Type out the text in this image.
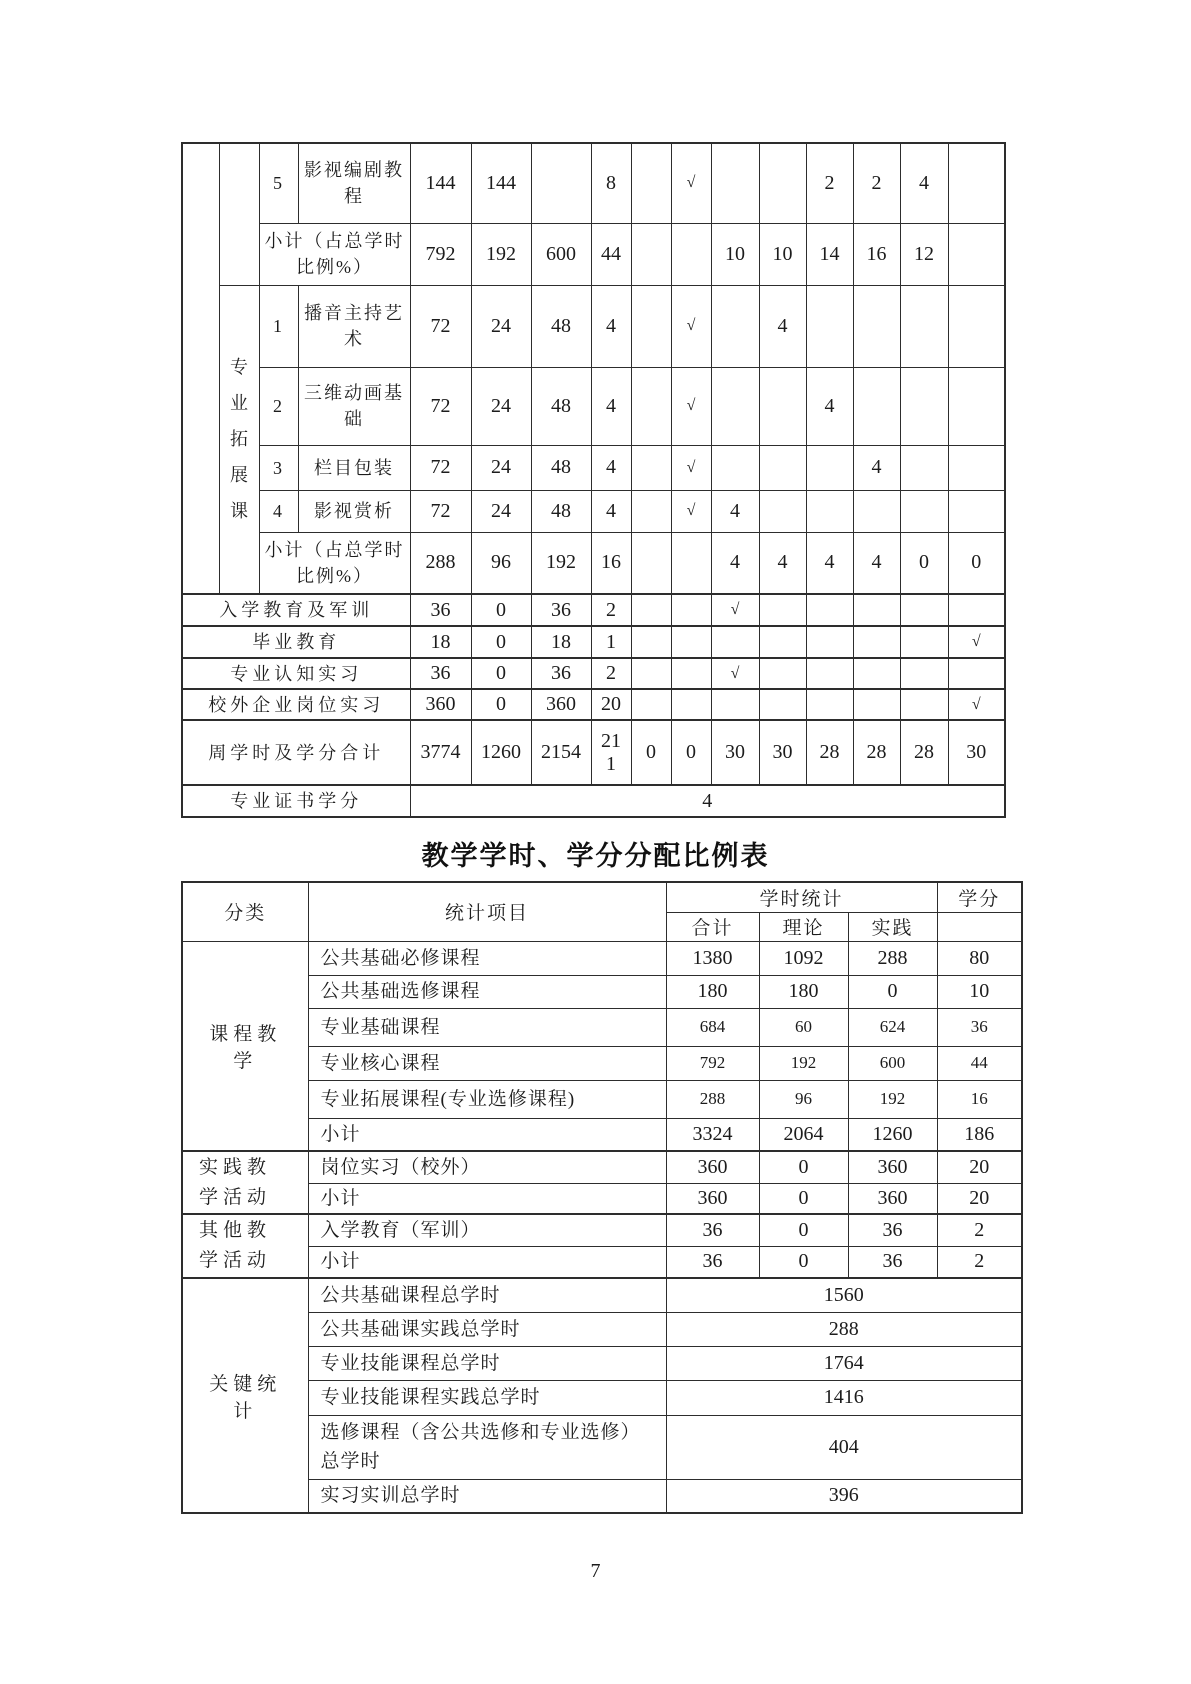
		5	影视编剧教程	144	144		8		√			2	2	4	
		小计（占总学时比例%）		792	192	600	44			10	10	14	16	12	

	专业拓展课	1	播音主持艺术	72	24	48	4		√		4				
		2	三维动画基础	72	24	48	4		√			4			
		3	栏目包装	72	24	48	4		√				4		
		4	影视赏析	72	24	48	4		√	4					
		小计（占总学时比例%）		288	96	192	16			4	4	4	4	0	0
入学教育及军训				36	0	36	2			√					
毕业教育				18	0	18	1								√
专业认知实习				36	0	36	2			√					
校外企业岗位实习				360	0	360	20								√
周学时及学分合计				3774	1260	2154	211	0	0	30	30	28	28	28	30
专业证书学分				4											
教学学时、学分分配比例表
分类	统计项目	学时统计			学分
		合计	理论	实践	
课程教学	公共基础必修课程	1380	1092	288	80
	公共基础选修课程	180	180	0	10
	专业基础课程	684	60	624	36
	专业核心课程	792	192	600	44
	专业拓展课程(专业选修课程)	288	96	192	16
	小计	3324	2064	1260	186
实践教学活动	岗位实习（校外）	360	0	360	20
	小计	360	0	360	20
其他教学活动	入学教育（军训）	36	0	36	2
	小计	36	0	36	2
关键统计	公共基础课程总学时	1560			
	公共基础课实践总学时	288			
	专业技能课程总学时	1764			
	专业技能课程实践总学时	1416			
	选修课程（含公共选修和专业选修）总学时	404			
	实习实训总学时	396			
7
